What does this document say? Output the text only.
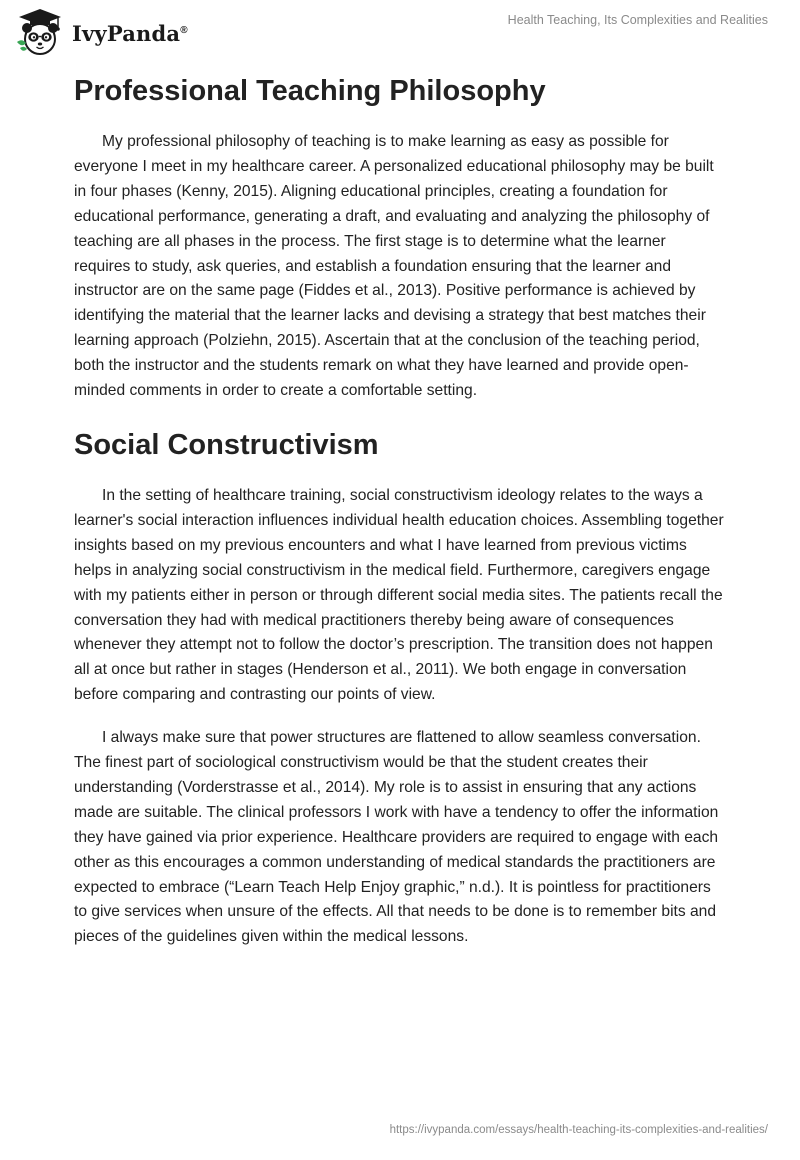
IvyPanda®
Health Teaching, Its Complexities and Realities
Professional Teaching Philosophy

My professional philosophy of teaching is to make learning as easy as possible for everyone I meet in my healthcare career. A personalized educational philosophy may be built in four phases (Kenny, 2015). Aligning educational principles, creating a foundation for educational performance, generating a draft, and evaluating and analyzing the philosophy of teaching are all phases in the process. The first stage is to determine what the learner requires to study, ask queries, and establish a foundation ensuring that the learner and instructor are on the same page (Fiddes et al., 2013). Positive performance is achieved by identifying the material that the learner lacks and devising a strategy that best matches their learning approach (Polziehn, 2015). Ascertain that at the conclusion of the teaching period, both the instructor and the students remark on what they have learned and provide open-minded comments in order to create a comfortable setting.

Social Constructivism

In the setting of healthcare training, social constructivism ideology relates to the ways a learner's social interaction influences individual health education choices. Assembling together insights based on my previous encounters and what I have learned from previous victims helps in analyzing social constructivism in the medical field. Furthermore, caregivers engage with my patients either in person or through different social media sites. The patients recall the conversation they had with medical practitioners thereby being aware of consequences whenever they attempt not to follow the doctor’s prescription. The transition does not happen all at once but rather in stages (Henderson et al., 2011). We both engage in conversation before comparing and contrasting our points of view.

I always make sure that power structures are flattened to allow seamless conversation. The finest part of sociological constructivism would be that the student creates their understanding (Vorderstrasse et al., 2014). My role is to assist in ensuring that any actions made are suitable. The clinical professors I work with have a tendency to offer the information they have gained via prior experience. Healthcare providers are required to engage with each other as this encourages a common understanding of medical standards the practitioners are expected to embrace (“Learn Teach Help Enjoy graphic,” n.d.). It is pointless for practitioners to give services when unsure of the effects. All that needs to be done is to remember bits and pieces of the guidelines given within the medical lessons.

https://ivypanda.com/essays/health-teaching-its-complexities-and-realities/
